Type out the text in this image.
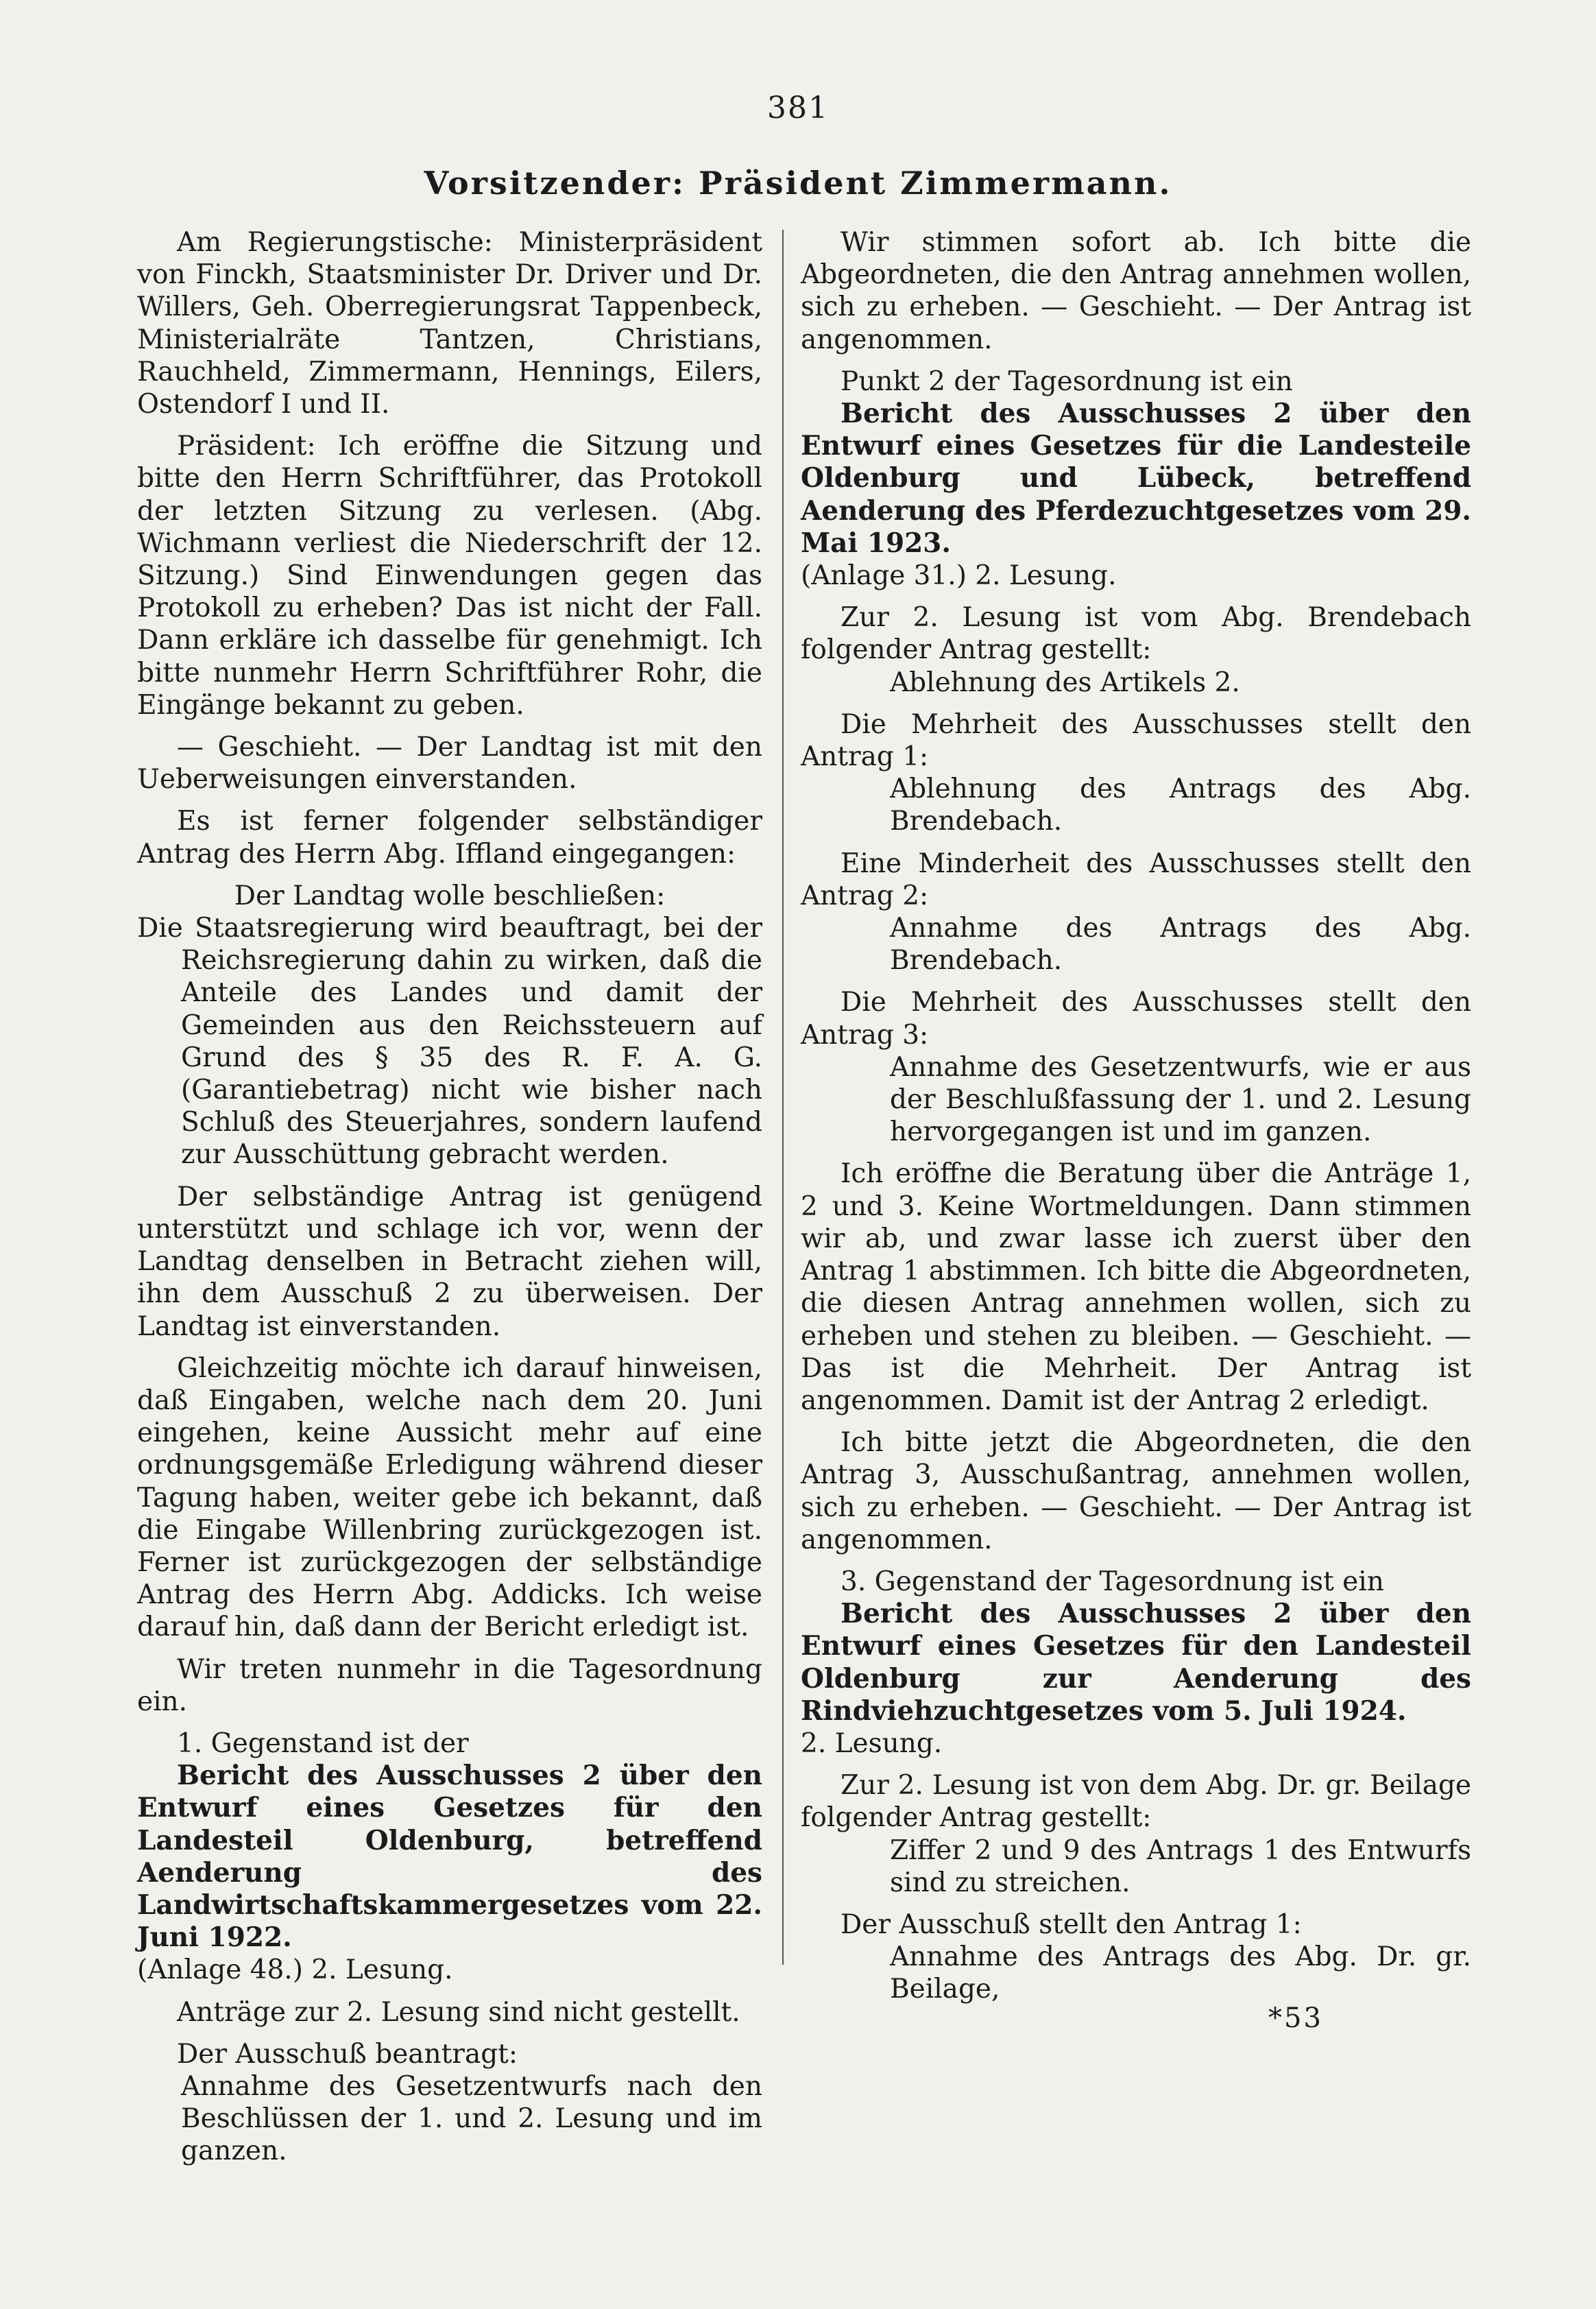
381
Vorsitzender: Präsident Zimmermann.

Am Regierungstische: Ministerpräsident von Finckh, Staatsminister Dr. Driver und Dr. Willers, Geh. Oberregierungsrat Tappenbeck, Ministerialräte Tantzen, Christians, Rauchheld, Zimmermann, Hennings, Eilers, Ostendorf I und II.

Präsident: Ich eröffne die Sitzung und bitte den Herrn Schriftführer, das Protokoll der letzten Sitzung zu verlesen. (Abg. Wichmann verliest die Niederschrift der 12. Sitzung.) Sind Einwendungen gegen das Protokoll zu erheben? Das ist nicht der Fall. Dann erkläre ich dasselbe für genehmigt. Ich bitte nunmehr Herrn Schriftführer Rohr, die Eingänge bekannt zu geben.

— Geschieht. — Der Landtag ist mit den Ueberweisungen einverstanden.

Es ist ferner folgender selbständiger Antrag des Herrn Abg. Iffland eingegangen:

Der Landtag wolle beschließen:

Die Staatsregierung wird beauftragt, bei der Reichsregierung dahin zu wirken, daß die Anteile des Landes und damit der Gemeinden aus den Reichssteuern auf Grund des § 35 des R. F. A. G. (Garantiebetrag) nicht wie bisher nach Schluß des Steuerjahres, sondern laufend zur Ausschüttung gebracht werden.

Der selbständige Antrag ist genügend unterstützt und schlage ich vor, wenn der Landtag denselben in Betracht ziehen will, ihn dem Ausschuß 2 zu überweisen. Der Landtag ist einverstanden.

Gleichzeitig möchte ich darauf hinweisen, daß Eingaben, welche nach dem 20. Juni eingehen, keine Aussicht mehr auf eine ordnungsgemäße Erledigung während dieser Tagung haben, weiter gebe ich bekannt, daß die Eingabe Willenbring zurückgezogen ist. Ferner ist zurückgezogen der selbständige Antrag des Herrn Abg. Addicks. Ich weise darauf hin, daß dann der Bericht erledigt ist.

Wir treten nunmehr in die Tagesordnung ein.

1. Gegenstand ist der

Bericht des Ausschusses 2 über den Entwurf eines Gesetzes für den Landesteil Oldenburg, betreffend Aenderung des Landwirtschaftskammergesetzes vom 22. Juni 1922.

(Anlage 48.) 2. Lesung.

Anträge zur 2. Lesung sind nicht gestellt.

Der Ausschuß beantragt:

Annahme des Gesetzentwurfs nach den Beschlüssen der 1. und 2. Lesung und im ganzen.

Wir stimmen sofort ab. Ich bitte die Abgeordneten, die den Antrag annehmen wollen, sich zu erheben. — Geschieht. — Der Antrag ist angenommen.

Punkt 2 der Tagesordnung ist ein

Bericht des Ausschusses 2 über den Entwurf eines Gesetzes für die Landesteile Oldenburg und Lübeck, betreffend Aenderung des Pferdezuchtgesetzes vom 29. Mai 1923.

(Anlage 31.) 2. Lesung.

Zur 2. Lesung ist vom Abg. Brendebach folgender Antrag gestellt:

Ablehnung des Artikels 2.

Die Mehrheit des Ausschusses stellt den Antrag 1:

Ablehnung des Antrags des Abg. Brendebach.

Eine Minderheit des Ausschusses stellt den Antrag 2:

Annahme des Antrags des Abg. Brendebach.

Die Mehrheit des Ausschusses stellt den Antrag 3:

Annahme des Gesetzentwurfs, wie er aus der Beschlußfassung der 1. und 2. Lesung hervorgegangen ist und im ganzen.

Ich eröffne die Beratung über die Anträge 1, 2 und 3. Keine Wortmeldungen. Dann stimmen wir ab, und zwar lasse ich zuerst über den Antrag 1 abstimmen. Ich bitte die Abgeordneten, die diesen Antrag annehmen wollen, sich zu erheben und stehen zu bleiben. — Geschieht. — Das ist die Mehrheit. Der Antrag ist angenommen. Damit ist der Antrag 2 erledigt.

Ich bitte jetzt die Abgeordneten, die den Antrag 3, Ausschußantrag, annehmen wollen, sich zu erheben. — Geschieht. — Der Antrag ist angenommen.

3. Gegenstand der Tagesordnung ist ein

Bericht des Ausschusses 2 über den Entwurf eines Gesetzes für den Landesteil Oldenburg zur Aenderung des Rindviehzuchtgesetzes vom 5. Juli 1924.

2. Lesung.

Zur 2. Lesung ist von dem Abg. Dr. gr. Beilage folgender Antrag gestellt:

Ziffer 2 und 9 des Antrags 1 des Entwurfs sind zu streichen.

Der Ausschuß stellt den Antrag 1:

Annahme des Antrags des Abg. Dr. gr. Beilage,

*53
